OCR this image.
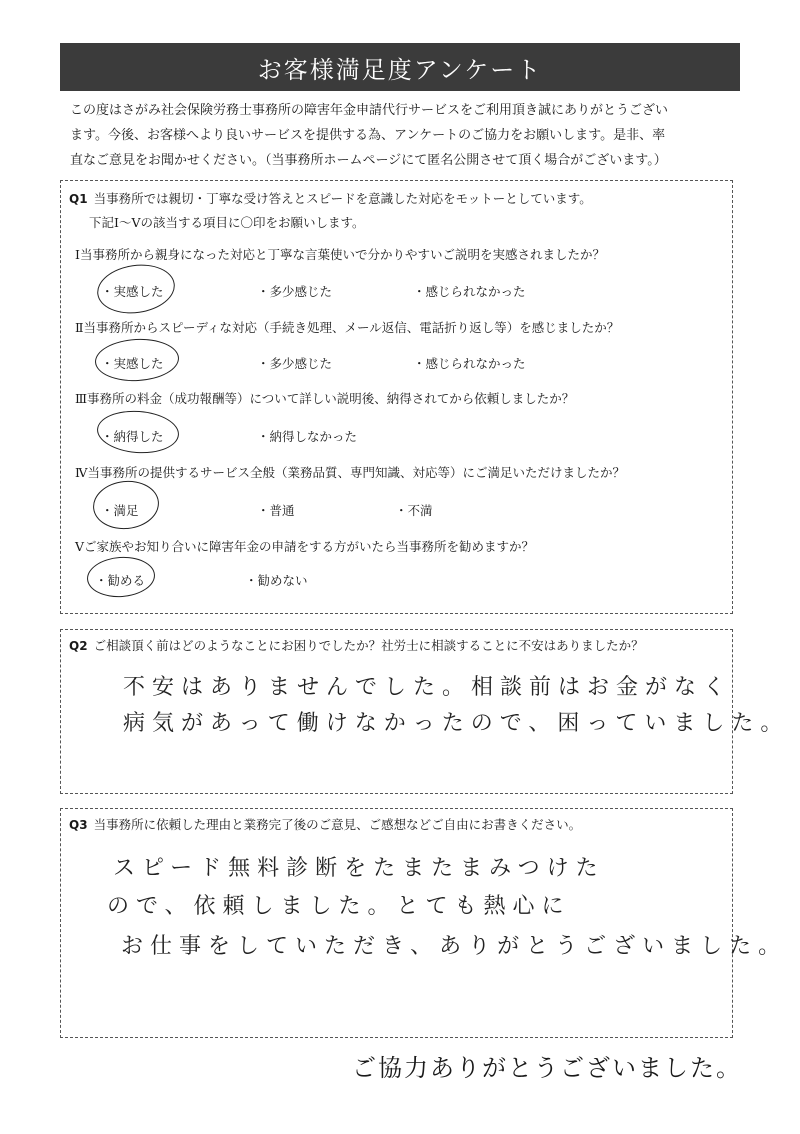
お客様満足度アンケート

この度はさがみ社会保険労務士事務所の障害年金申請代行サービスをご利用頂き誠にありがとうござい

ます。今後、お客様へより良いサービスを提供する為、アンケートのご協力をお願いします。是非、率

直なご意見をお聞かせください。（当事務所ホームページにて匿名公開させて頂く場合がございます。）

Q1 当事務所では親切・丁寧な受け答えとスピードを意識した対応をモットーとしています。
下記Ⅰ～Ⅴの該当する項目に〇印をお願いします。
Ⅰ当事務所から親身になった対応と丁寧な言葉使いで分かりやすいご説明を実感されましたか？
・実感した	・多少感じた	・感じられなかった
Ⅱ当事務所からスピーディな対応（手続き処理、メール返信、電話折り返し等）を感じましたか？
・実感した	・多少感じた	・感じられなかった
Ⅲ事務所の料金（成功報酬等）について詳しい説明後、納得されてから依頼しましたか？
・納得した	・納得しなかった
Ⅳ当事務所の提供するサービス全般（業務品質、専門知識、対応等）にご満足いただけましたか？
・満足	・普通	・不満
Ⅴご家族やお知り合いに障害年金の申請をする方がいたら当事務所を勧めますか？
・勧める	・勧めない
Q2 ご相談頂く前はどのようなことにお困りでしたか？社労士に相談することに不安はありましたか？
不安はありませんでした。相談前はお金がなく
病気があって働けなかったので、困っていました。
Q3 当事務所に依頼した理由と業務完了後のご意見、ご感想などご自由にお書きください。
スピード無料診断をたまたまみつけた
ので、依頼しました。とても熱心に
お仕事をしていただき、ありがとうございました。
ご協力ありがとうございました。
